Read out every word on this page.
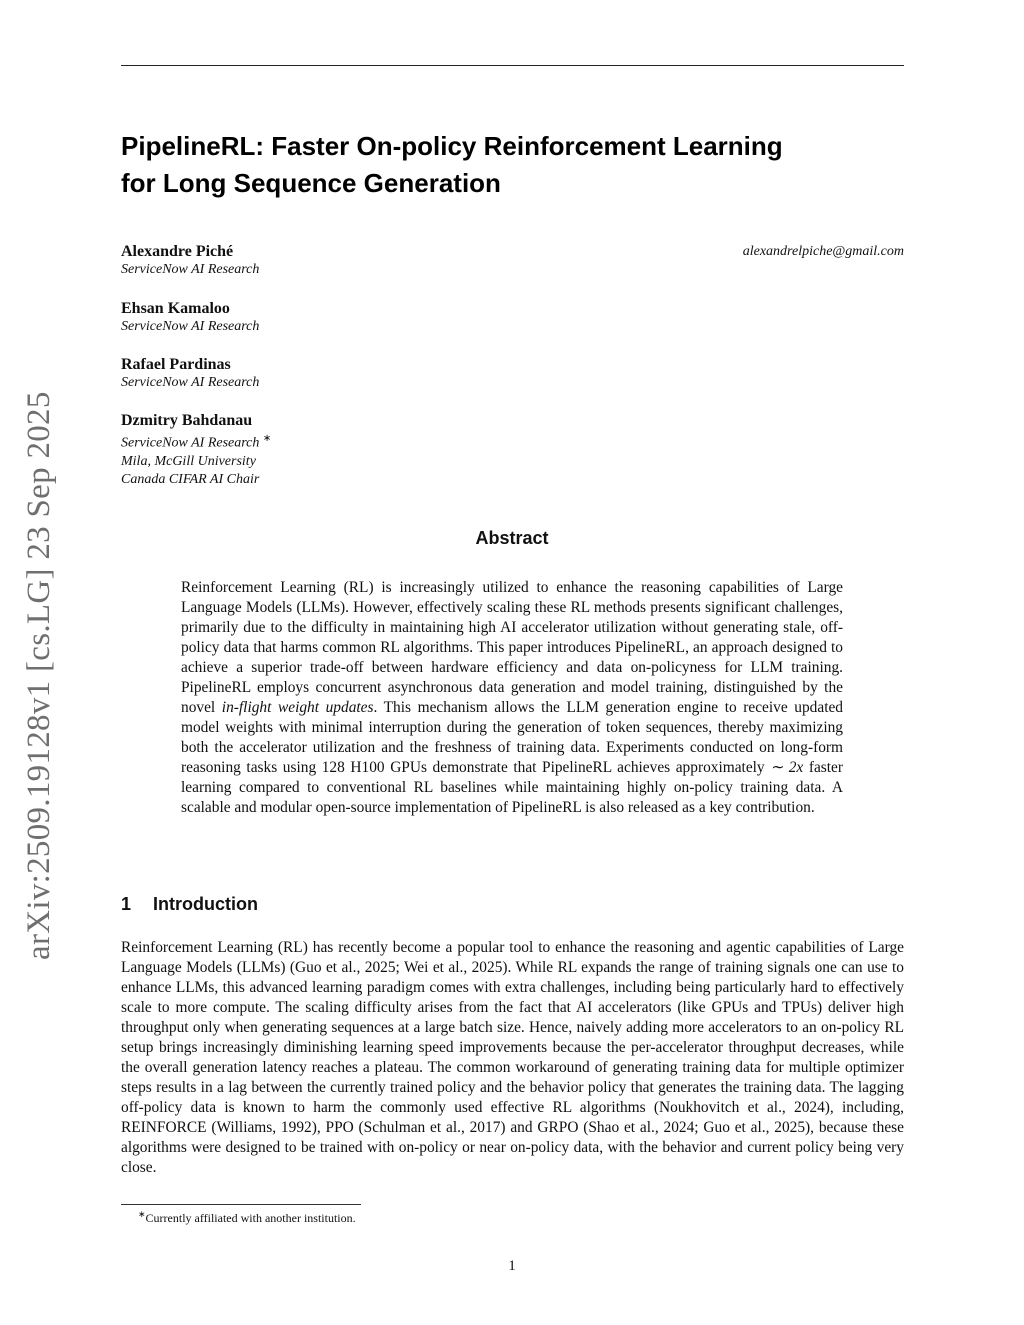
arXiv:2509.19128v1 [cs.LG] 23 Sep 2025
PipelineRL: Faster On-policy Reinforcement Learning
for Long Sequence Generation
alexandrelpiche@gmail.com
Alexandre Piché
ServiceNow AI Research
Ehsan Kamaloo
ServiceNow AI Research
Rafael Pardinas
ServiceNow AI Research
Dzmitry Bahdanau
ServiceNow AI Research ∗
Mila, McGill University
Canada CIFAR AI Chair
Abstract

Reinforcement Learning (RL) is increasingly utilized to enhance the reasoning capabilities of Large Language Models (LLMs). However, effectively scaling these RL methods presents significant challenges, primarily due to the difficulty in maintaining high AI accelerator utilization without generating stale, off-policy data that harms common RL algorithms. This paper introduces PipelineRL, an approach designed to achieve a superior trade-off between hardware efficiency and data on-policyness for LLM training. PipelineRL employs concurrent asynchronous data generation and model training, distinguished by the novel in-flight weight updates. This mechanism allows the LLM generation engine to receive updated model weights with minimal interruption during the generation of token sequences, thereby maximizing both the accelerator utilization and the freshness of training data. Experiments conducted on long-form reasoning tasks using 128 H100 GPUs demonstrate that PipelineRL achieves approximately ∼ 2x faster learning compared to conventional RL baselines while maintaining highly on-policy training data. A scalable and modular open-source implementation of PipelineRL is also released as a key contribution.

1 Introduction

Reinforcement Learning (RL) has recently become a popular tool to enhance the reasoning and agentic capabilities of Large Language Models (LLMs) (Guo et al., 2025; Wei et al., 2025). While RL expands the range of training signals one can use to enhance LLMs, this advanced learning paradigm comes with extra challenges, including being particularly hard to effectively scale to more compute. The scaling difficulty arises from the fact that AI accelerators (like GPUs and TPUs) deliver high throughput only when generating sequences at a large batch size. Hence, naively adding more accelerators to an on-policy RL setup brings increasingly diminishing learning speed improvements because the per-accelerator throughput decreases, while the overall generation latency reaches a plateau. The common workaround of generating training data for multiple optimizer steps results in a lag between the currently trained policy and the behavior policy that generates the training data. The lagging off-policy data is known to harm the commonly used effective RL algorithms (Noukhovitch et al., 2024), including, REINFORCE (Williams, 1992), PPO (Schulman et al., 2017) and GRPO (Shao et al., 2024; Guo et al., 2025), because these algorithms were designed to be trained with on-policy or near on-policy data, with the behavior and current policy being very close.

∗Currently affiliated with another institution.
1
